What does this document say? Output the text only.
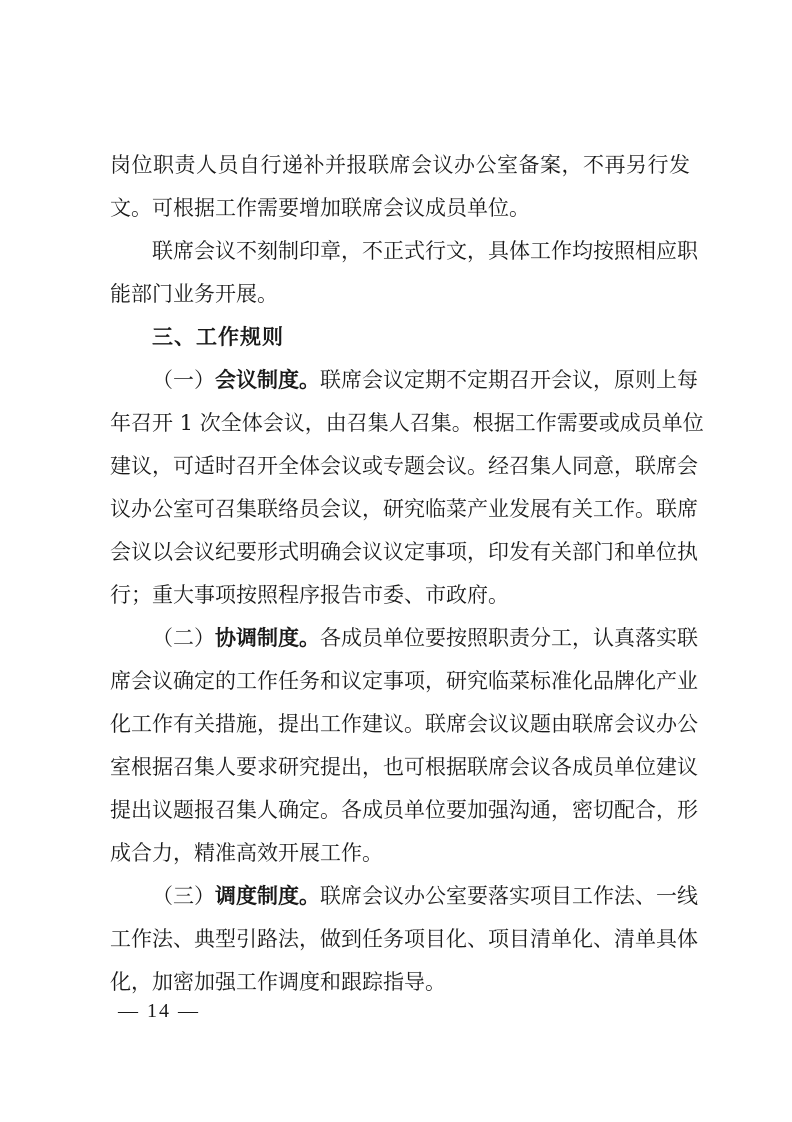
岗位职责人员自行递补并报联席会议办公室备案，不再另行发
文。可根据工作需要增加联席会议成员单位。
联席会议不刻制印章，不正式行文，具体工作均按照相应职
能部门业务开展。
三、工作规则
（一）会议制度。联席会议定期不定期召开会议，原则上每
年召开 1 次全体会议，由召集人召集。根据工作需要或成员单位
建议，可适时召开全体会议或专题会议。经召集人同意，联席会
议办公室可召集联络员会议，研究临菜产业发展有关工作。联席
会议以会议纪要形式明确会议议定事项，印发有关部门和单位执
行；重大事项按照程序报告市委、市政府。
（二）协调制度。各成员单位要按照职责分工，认真落实联
席会议确定的工作任务和议定事项，研究临菜标准化品牌化产业
化工作有关措施，提出工作建议。联席会议议题由联席会议办公
室根据召集人要求研究提出，也可根据联席会议各成员单位建议
提出议题报召集人确定。各成员单位要加强沟通，密切配合，形
成合力，精准高效开展工作。
（三）调度制度。联席会议办公室要落实项目工作法、一线
工作法、典型引路法，做到任务项目化、项目清单化、清单具体
化，加密加强工作调度和跟踪指导。
— 14 —
